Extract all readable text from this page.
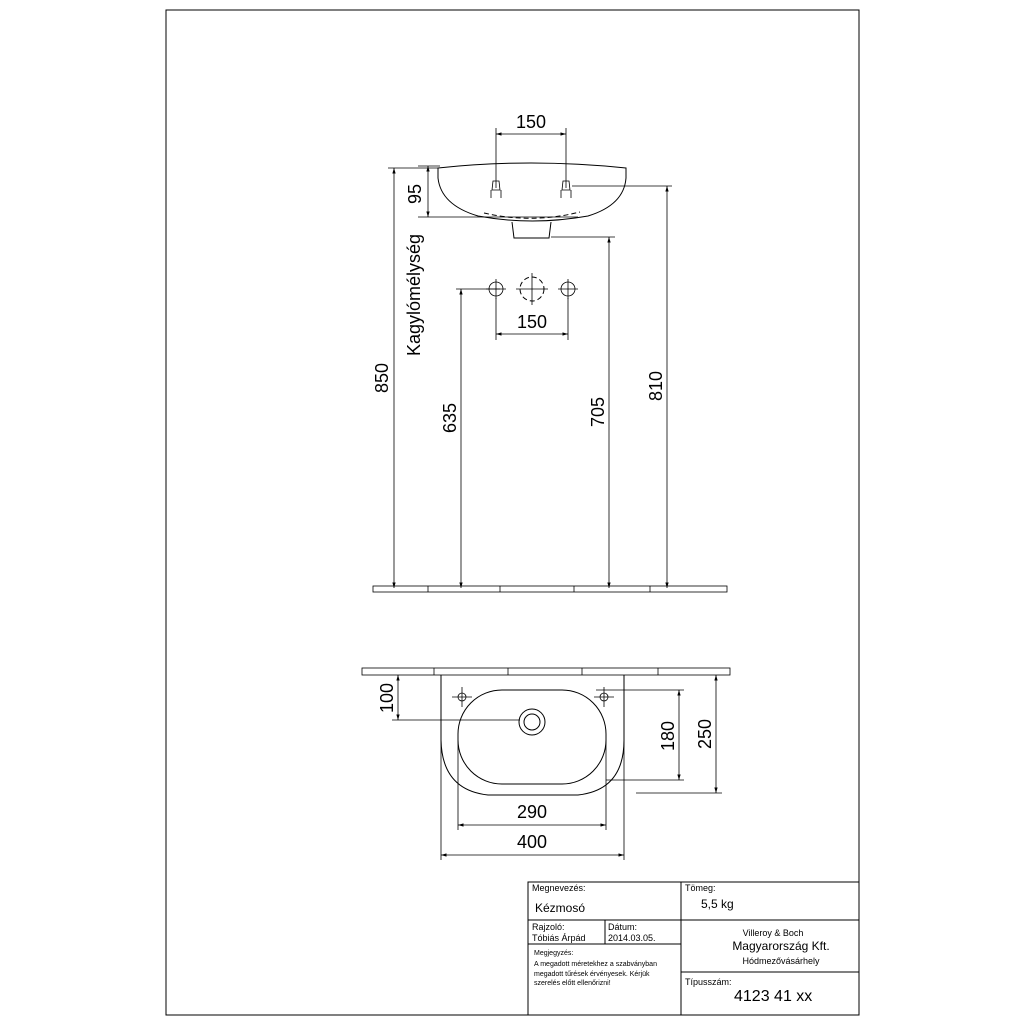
150
95
Kagylómélység
850
150
635	705
810
100
180 250
290
400
Megnevezés:
Kézmosó
Tömeg:
5,5 kg
Rajzoló:
Tóbiás Árpád
Dátum:
2014.03.05.	Villeroy & Boch
Magyarország Kft.
Hódmezővásárhely
Megjegyzés:
A megadott méretekhez a szabványban
megadott tűrések érvényesek. Kérjük
szerelés előtt ellenőrizni!	Típusszám:
4123 41 xx
